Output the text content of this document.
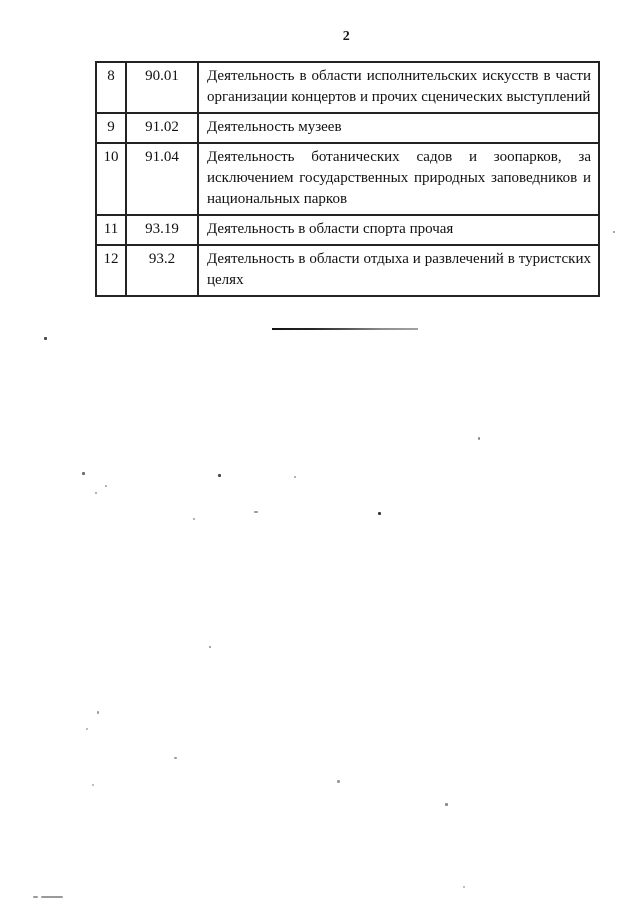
2
8	90.01	Деятельность в области исполнительских искусств в части организации концертов и прочих сценических выступлений
9	91.02	Деятельность музеев
10	91.04	Деятельность ботанических садов и зоопарков, за исключением государственных природных заповедников и национальных парков
11	93.19	Деятельность в области спорта прочая
12	93.2	Деятельность в области отдыха и развлечений в туристских целях
